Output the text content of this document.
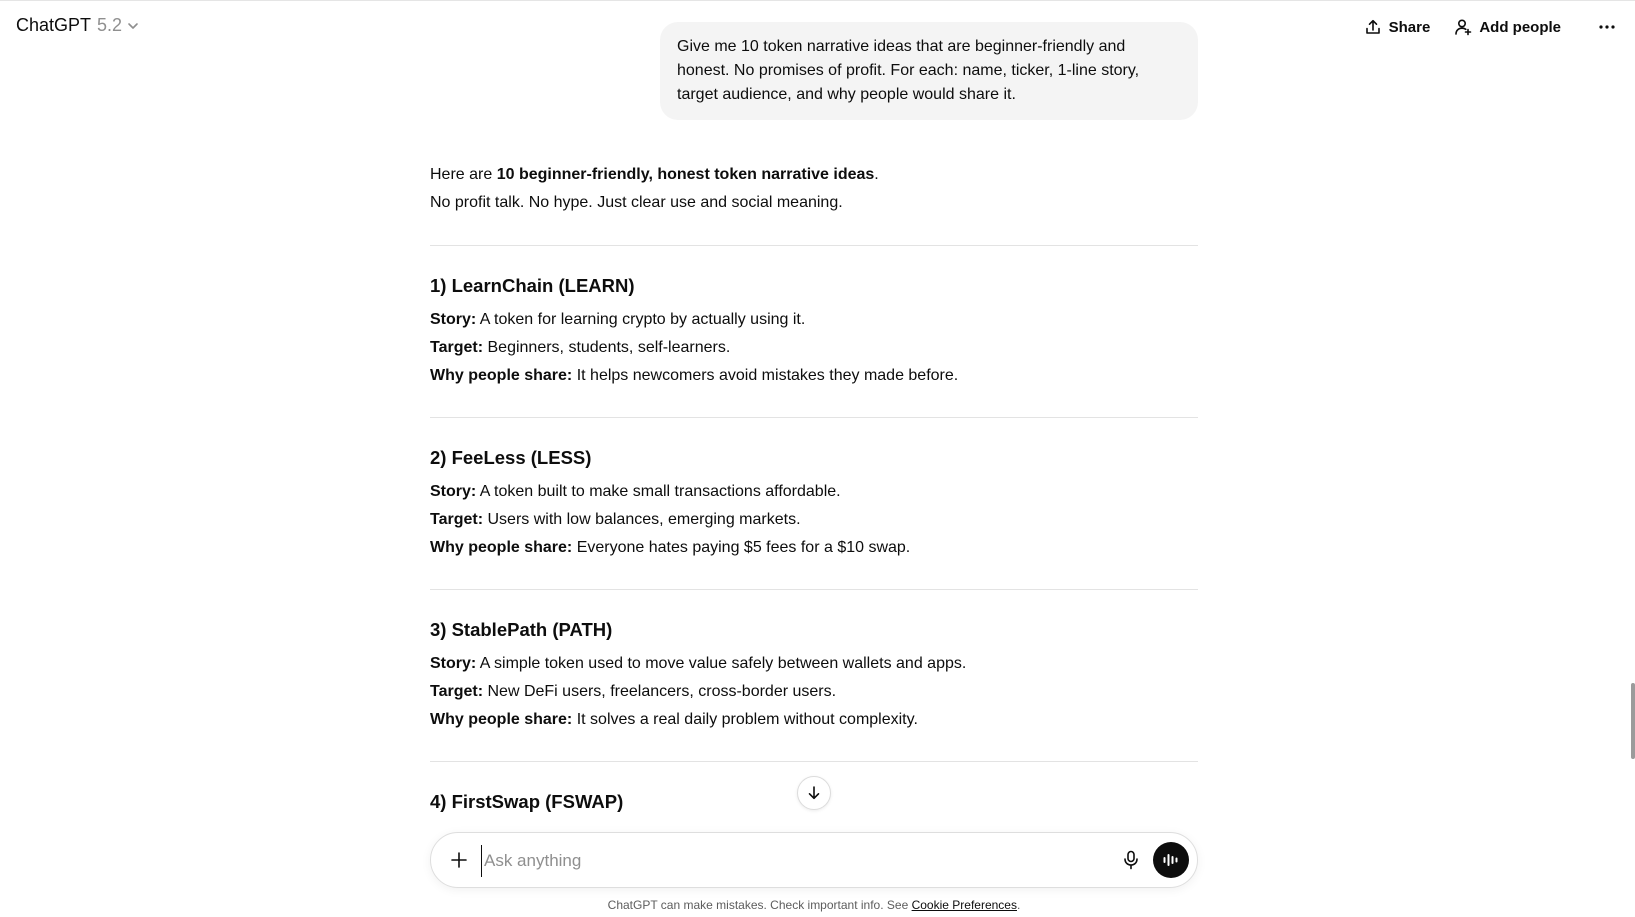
ChatGPT 5.2	Share	Add people
Give me 10 token narrative ideas that are beginner-friendly and honest. No promises of profit. For each: name, ticker, 1-line story, target audience, and why people would share it.

Here are 10 beginner-friendly, honest token narrative ideas.

No profit talk. No hype. Just clear use and social meaning.

1) LearnChain (LEARN)

Story: A token for learning crypto by actually using it.

Target: Beginners, students, self-learners.

Why people share: It helps newcomers avoid mistakes they made before.

2) FeeLess (LESS)

Story: A token built to make small transactions affordable.

Target: Users with low balances, emerging markets.

Why people share: Everyone hates paying $5 fees for a $10 swap.

3) StablePath (PATH)

Story: A simple token used to move value safely between wallets and apps.

Target: New DeFi users, freelancers, cross-border users.

Why people share: It solves a real daily problem without complexity.

4) FirstSwap (FSWAP)
Ask anything
ChatGPT can make mistakes. Check important info. See Cookie Preferences.
